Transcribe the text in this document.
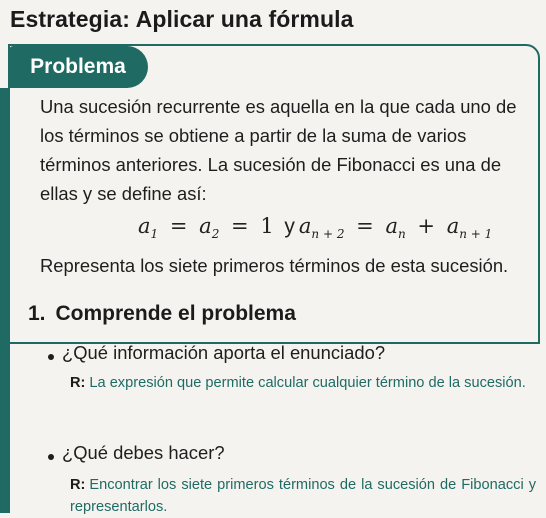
Estrategia: Aplicar una fórmula
Problema

Una sucesión recurrente es aquella en la que cada uno de los términos se obtiene a partir de la suma de varios términos anteriores. La sucesión de Fibonacci es una de ellas y se define así:

$a_1 = a_2 = 1$ y $a_{n + 2} = a_n + a_{n + 1}$
Representa los siete primeros términos de esta sucesión.
1. Comprende el problema
¿Qué información aporta el enunciado?

R: La expresión que permite calcular cualquier término de la sucesión.

¿Qué debes hacer?

R: Encontrar los siete primeros términos de la sucesión de Fibonacci y representarlos.
